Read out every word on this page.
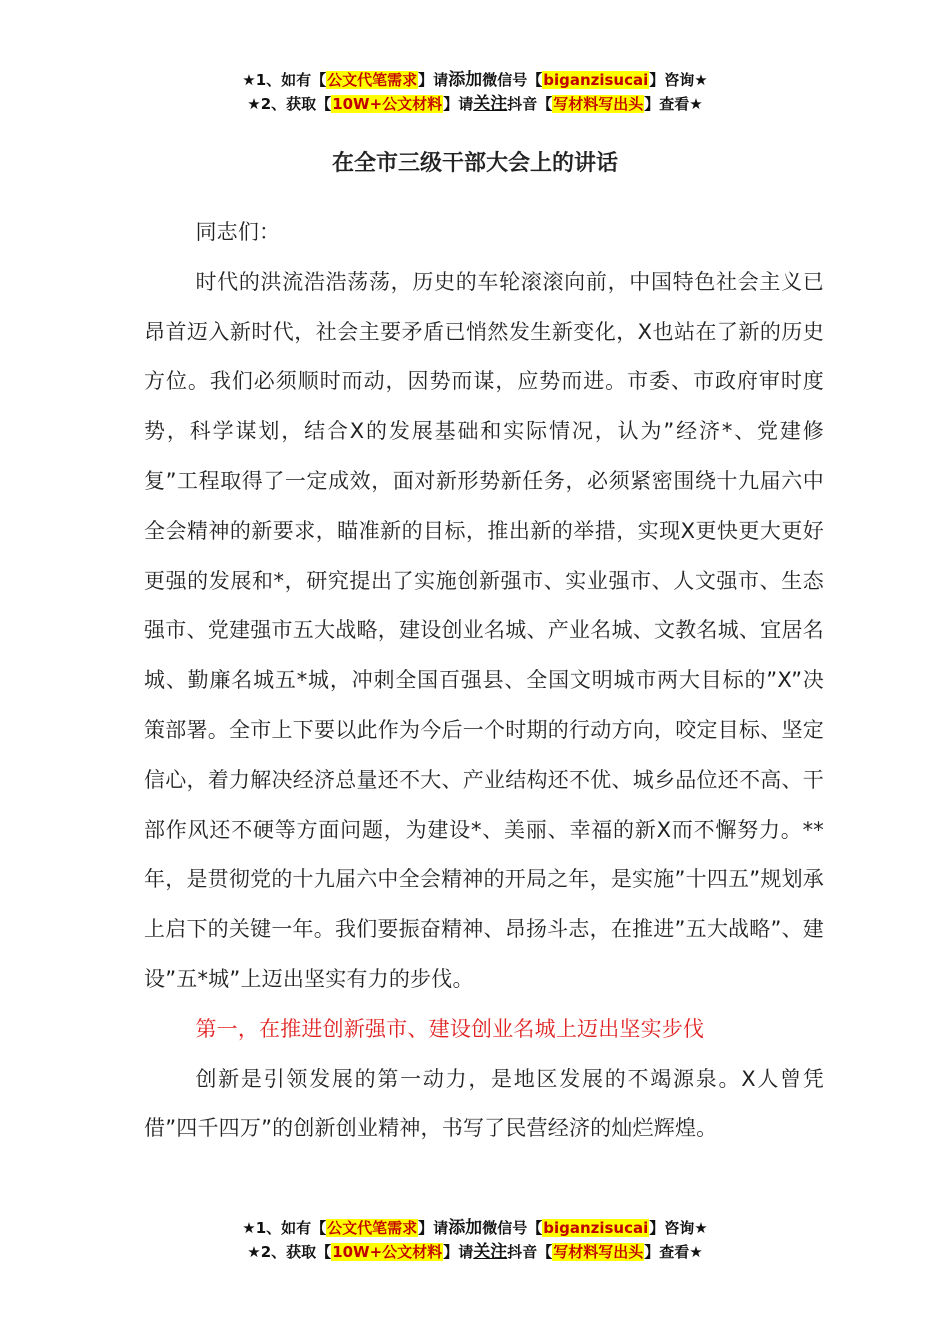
★1、如有【公文代笔需求】请添加微信号【biganzisucai】咨询★
★2、获取【10W+公文材料】请关注抖音【写材料写出头】查看★
在全市三级干部大会上的讲话

同志们：

时代的洪流浩浩荡荡，历史的车轮滚滚向前，中国特色社会主义已昂首迈入新时代，社会主要矛盾已悄然发生新变化，X也站在了新的历史方位。我们必须顺时而动，因势而谋，应势而进。市委、市政府审时度势，科学谋划，结合X的发展基础和实际情况，认为”经济*、党建修复”工程取得了一定成效，面对新形势新任务，必须紧密围绕十九届六中全会精神的新要求，瞄准新的目标，推出新的举措，实现X更快更大更好更强的发展和*，研究提出了实施创新强市、实业强市、人文强市、生态强市、党建强市五大战略，建设创业名城、产业名城、文教名城、宜居名城、勤廉名城五*城，冲刺全国百强县、全国文明城市两大目标的”X”决策部署。全市上下要以此作为今后一个时期的行动方向，咬定目标、坚定信心，着力解决经济总量还不大、产业结构还不优、城乡品位还不高、干部作风还不硬等方面问题，为建设*、美丽、幸福的新X而不懈努力。**年，是贯彻党的十九届六中全会精神的开局之年，是实施”十四五”规划承上启下的关键一年。我们要振奋精神、昂扬斗志，在推进”五大战略”、建设”五*城”上迈出坚实有力的步伐。

第一，在推进创新强市、建设创业名城上迈出坚实步伐

创新是引领发展的第一动力，是地区发展的不竭源泉。X人曾凭借”四千四万”的创新创业精神，书写了民营经济的灿烂辉煌。

★1、如有【公文代笔需求】请添加微信号【biganzisucai】咨询★
★2、获取【10W+公文材料】请关注抖音【写材料写出头】查看★
